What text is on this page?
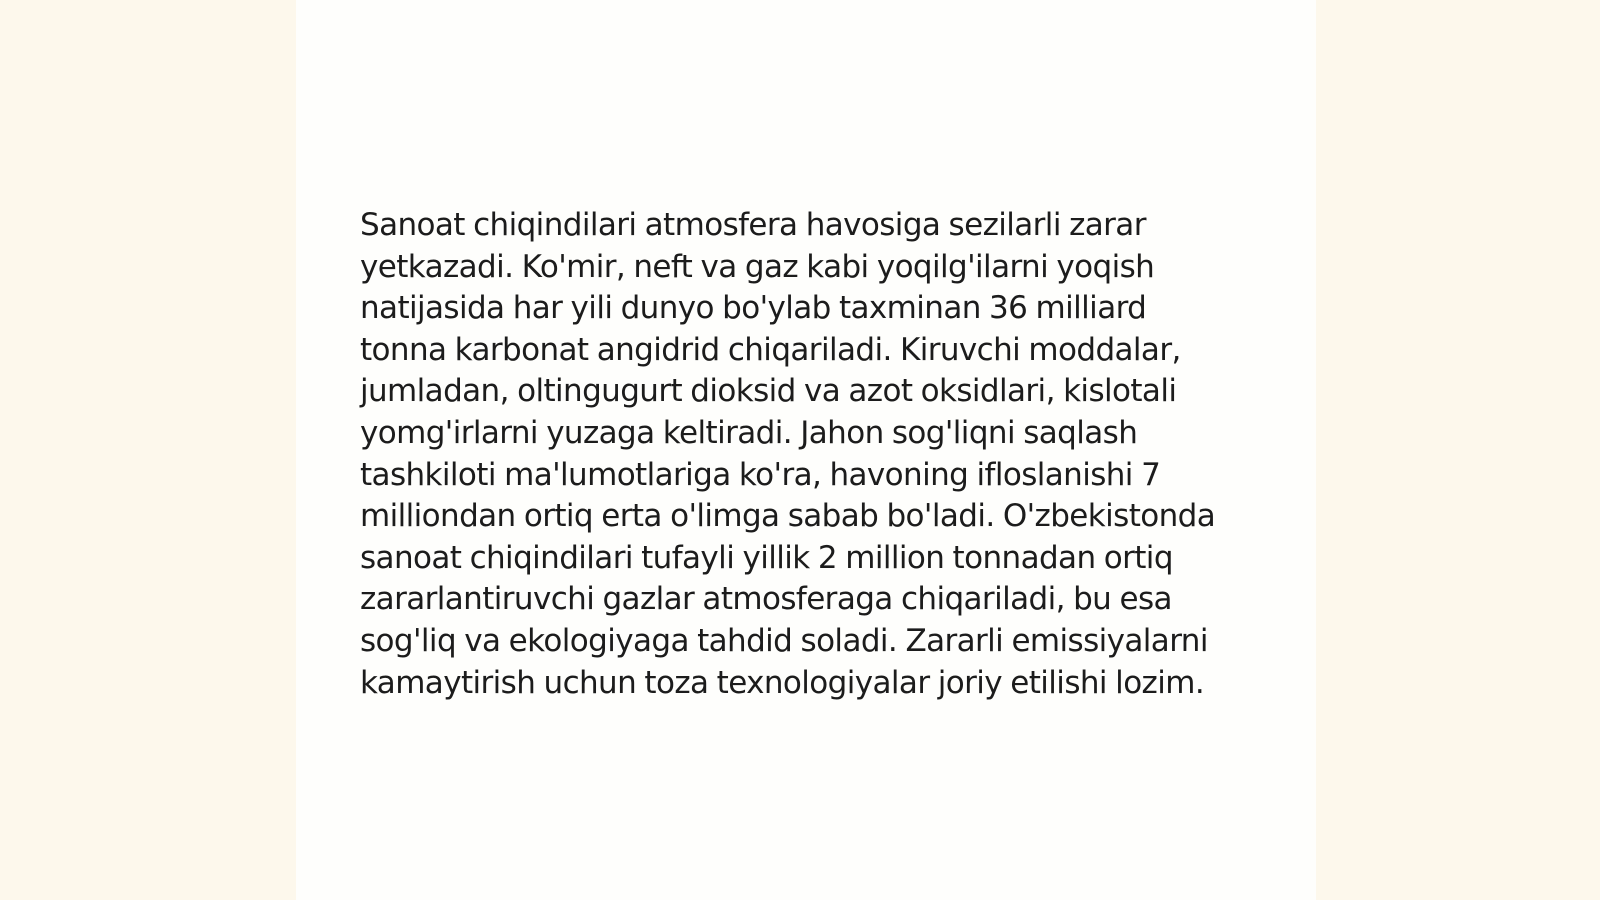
Sanoat chiqindilari atmosfera havosiga sezilarli zarar yetkazadi. Ko'mir, neft va gaz kabi yoqilg'ilarni yoqish natijasida har yili dunyo bo'ylab taxminan 36 milliard tonna karbonat angidrid chiqariladi. Kiruvchi moddalar, jumladan, oltingugurt dioksid va azot oksidlari, kislotali yomg'irlarni yuzaga keltiradi. Jahon sog'liqni saqlash tashkiloti ma'lumotlariga ko'ra, havoning ifloslanishi 7 milliondan ortiq erta o'limga sabab bo'ladi. O'zbekistonda sanoat chiqindilari tufayli yillik 2 million tonnadan ortiq zararlantiruvchi gazlar atmosferaga chiqariladi, bu esa sog'liq va ekologiyaga tahdid soladi. Zararli emissiyalarni kamaytirish uchun toza texnologiyalar joriy etilishi lozim.
